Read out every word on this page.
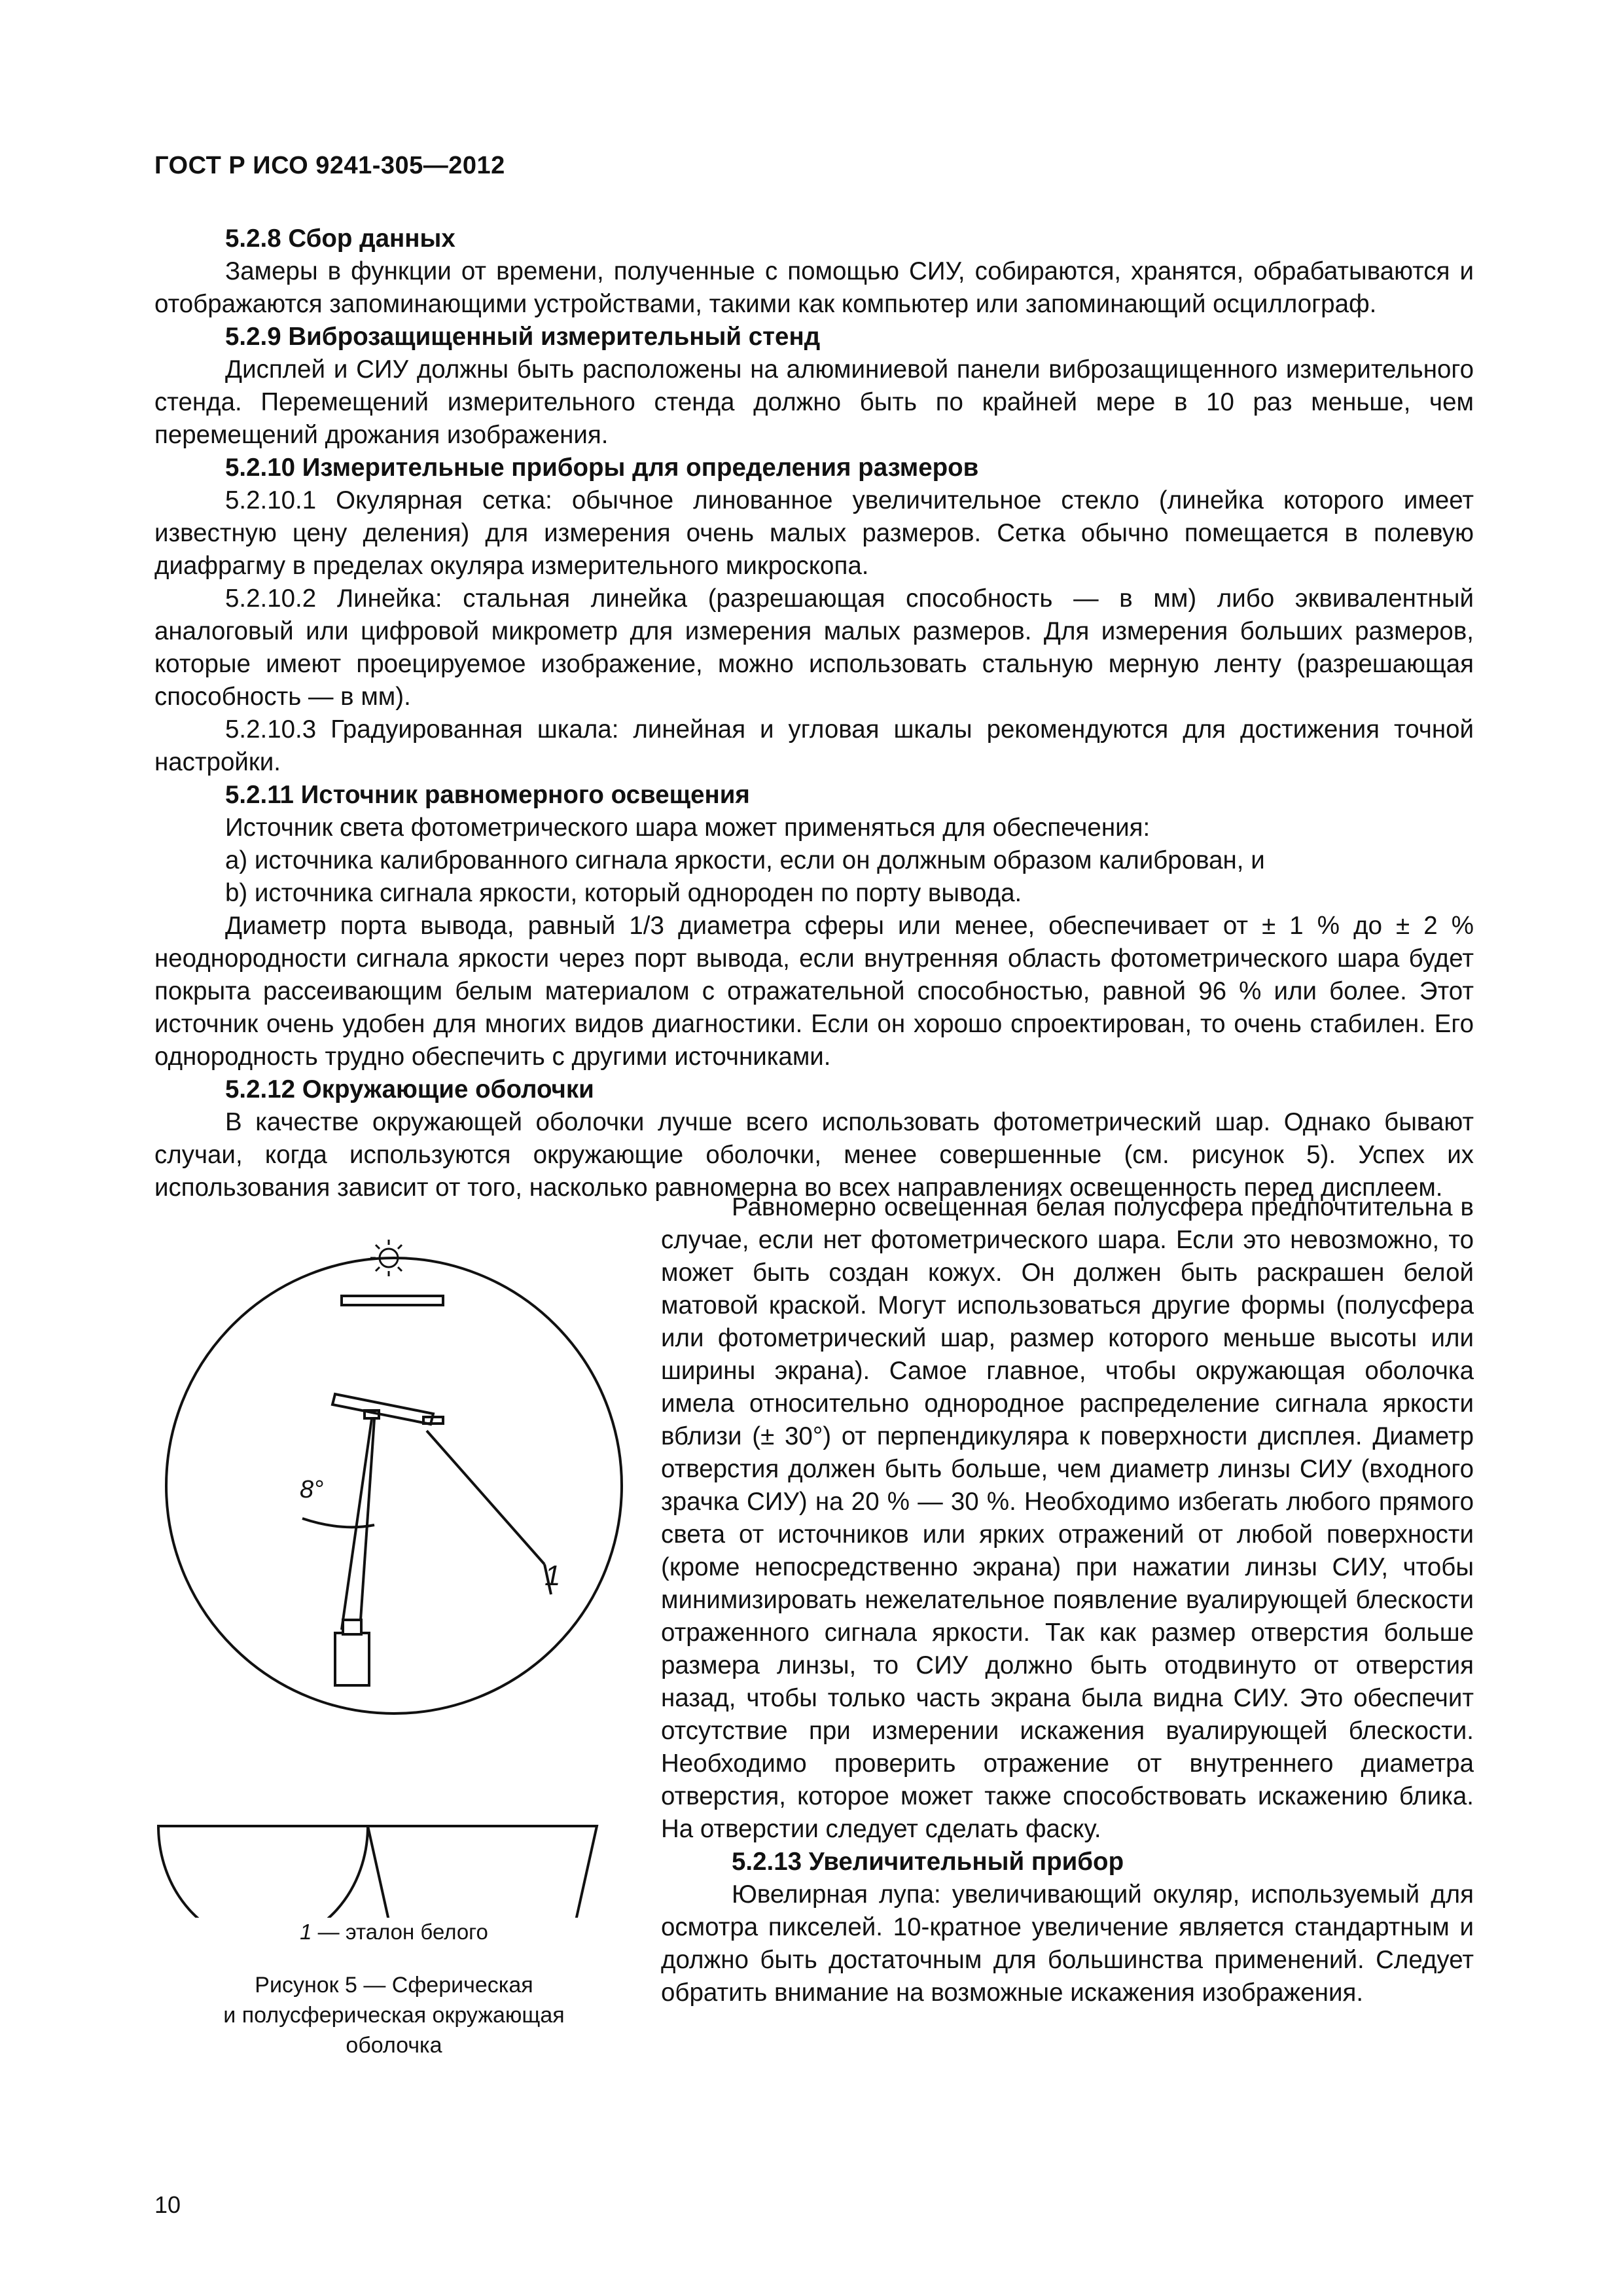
ГОСТ Р ИСО 9241-305—2012

5.2.8 Сбор данных

Замеры в функции от времени, полученные с помощью СИУ, собираются, хранятся, обрабатываются и отображаются запоминающими устройствами, такими как компьютер или запоминающий осциллограф.

5.2.9 Виброзащищенный измерительный стенд

Дисплей и СИУ должны быть расположены на алюминиевой панели виброзащищенного измерительного стенда. Перемещений измерительного стенда должно быть по крайней мере в 10 раз меньше, чем перемещений дрожания изображения.

5.2.10 Измерительные приборы для определения размеров

5.2.10.1 Окулярная сетка: обычное линованное увеличительное стекло (линейка которого имеет известную цену деления) для измерения очень малых размеров. Сетка обычно помещается в полевую диафрагму в пределах окуляра измерительного микроскопа.

5.2.10.2 Линейка: стальная линейка (разрешающая способность — в мм) либо эквивалентный аналоговый или цифровой микрометр для измерения малых размеров. Для измерения больших размеров, которые имеют проецируемое изображение, можно использовать стальную мерную ленту (разрешающая способность — в мм).

5.2.10.3 Градуированная шкала: линейная и угловая шкалы рекомендуются для достижения точной настройки.

5.2.11 Источник равномерного освещения

Источник света фотометрического шара может применяться для обеспечения:

a) источника калиброванного сигнала яркости, если он должным образом калиброван, и

b) источника сигнала яркости, который однороден по порту вывода.

Диаметр порта вывода, равный 1/3 диаметра сферы или менее, обеспечивает от ± 1 % до ± 2 % неоднородности сигнала яркости через порт вывода, если внутренняя область фотометрического шара будет покрыта рассеивающим белым материалом с отражательной способностью, равной 96 % или более. Этот источник очень удобен для многих видов диагностики. Если он хорошо спроектирован, то очень стабилен. Его однородность трудно обеспечить с другими источниками.

5.2.12 Окружающие оболочки

В качестве окружающей оболочки лучше всего использовать фотометрический шар. Однако бывают случаи, когда используются окружающие оболочки, менее совершенные (см. рисунок 5). Успех их использования зависит от того, насколько равномерна во всех направлениях освещенность перед дисплеем.

Равномерно освещенная белая полусфера предпочтительна в случае, если нет фотометрического шара. Если это невозможно, то может быть создан кожух. Он должен быть раскрашен белой матовой краской. Могут использоваться другие формы (полусфера или фотометрический шар, размер которого меньше высоты или ширины экрана). Самое главное, чтобы окружающая оболочка имела относительно однородное распределение сигнала яркости вблизи (± 30°) от перпендикуляра к поверхности дисплея. Диаметр отверстия должен быть больше, чем диаметр линзы СИУ (входного зрачка СИУ) на 20 % — 30 %. Необходимо избегать любого прямого света от источников или ярких отражений от любой поверхности (кроме непосредственно экрана) при нажатии линзы СИУ, чтобы минимизировать нежелательное появление вуалирующей блескости отраженного сигнала яркости. Так как размер отверстия больше размера линзы, то СИУ должно быть отодвинуто от отверстия назад, чтобы только часть экрана была видна СИУ. Это обеспечит отсутствие при измерении искажения вуалирующей блескости. Необходимо проверить отражение от внутреннего диаметра отверстия, которое может также способствовать искажению блика. На отверстии следует сделать фаску.

5.2.13 Увеличительный прибор

Ювелирная лупа: увеличивающий окуляр, используемый для осмотра пикселей. 10-кратное увеличение является стандартным и должно быть достаточным для большинства применений. Следует обратить внимание на возможные искажения изображения.

8°
1
1 — эталон белого
Рисунок 5 — Сферическая
и полусферическая окружающая
оболочка
10
